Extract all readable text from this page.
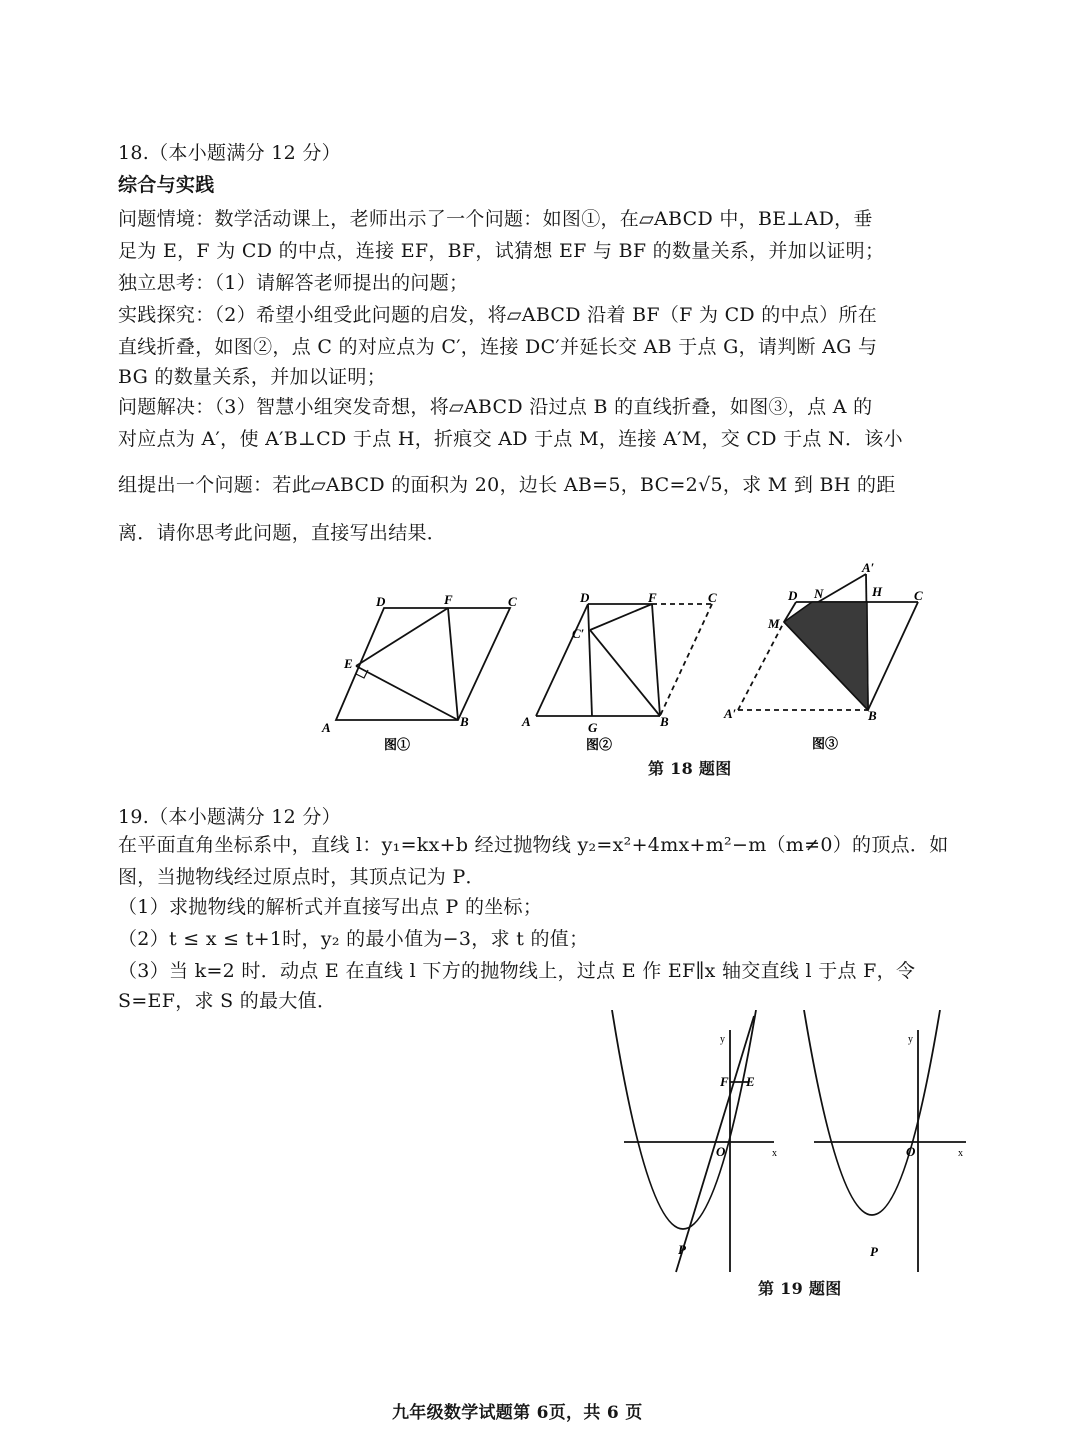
18.（本小题满分 12 分）
综合与实践
问题情境：数学活动课上，老师出示了一个问题：如图①，在▱ABCD 中，BE⊥AD，垂
足为 E，F 为 CD 的中点，连接 EF，BF，试猜想 EF 与 BF 的数量关系，并加以证明；
独立思考：（1）请解答老师提出的问题；
实践探究：（2）希望小组受此问题的启发，将▱ABCD 沿着 BF（F 为 CD 的中点）所在
直线折叠，如图②，点 C 的对应点为 C′，连接 DC′并延长交 AB 于点 G，请判断 AG 与
BG 的数量关系，并加以证明；
问题解决：（3）智慧小组突发奇想，将▱ABCD 沿过点 B 的直线折叠，如图③，点 A 的
对应点为 A′，使 A′B⊥CD 于点 H，折痕交 AD 于点 M，连接 A′M，交 CD 于点 N．该小
组提出一个问题：若此▱ABCD 的面积为 20，边长 AB=5，BC=2√5，求 M 到 BH 的距
离．请你思考此问题，直接写出结果．
A	B
C
D
E
F
图①
A	B
C
D	F
G
C′
图②
A′	B
C
D N	H
A′
M
图③
第 18 题图
19.（本小题满分 12 分）
在平面直角坐标系中，直线 l：y₁=kx+b 经过抛物线 y₂=x²+4mx+m²−m（m≠0）的顶点．如
图，当抛物线经过原点时，其顶点记为 P．
（1）求抛物线的解析式并直接写出点 P 的坐标；
（2）t ≤ x ≤ t+1时，y₂ 的最小值为−3，求 t 的值；
（3）当 k=2 时．动点 E 在直线 l 下方的抛物线上，过点 E 作 EF∥x 轴交直线 l 于点 F，令
S=EF，求 S 的最大值．
y
x
O
F E
P
y
x
O
P
第 19 题图
九年级数学试题第 6页，共 6 页
